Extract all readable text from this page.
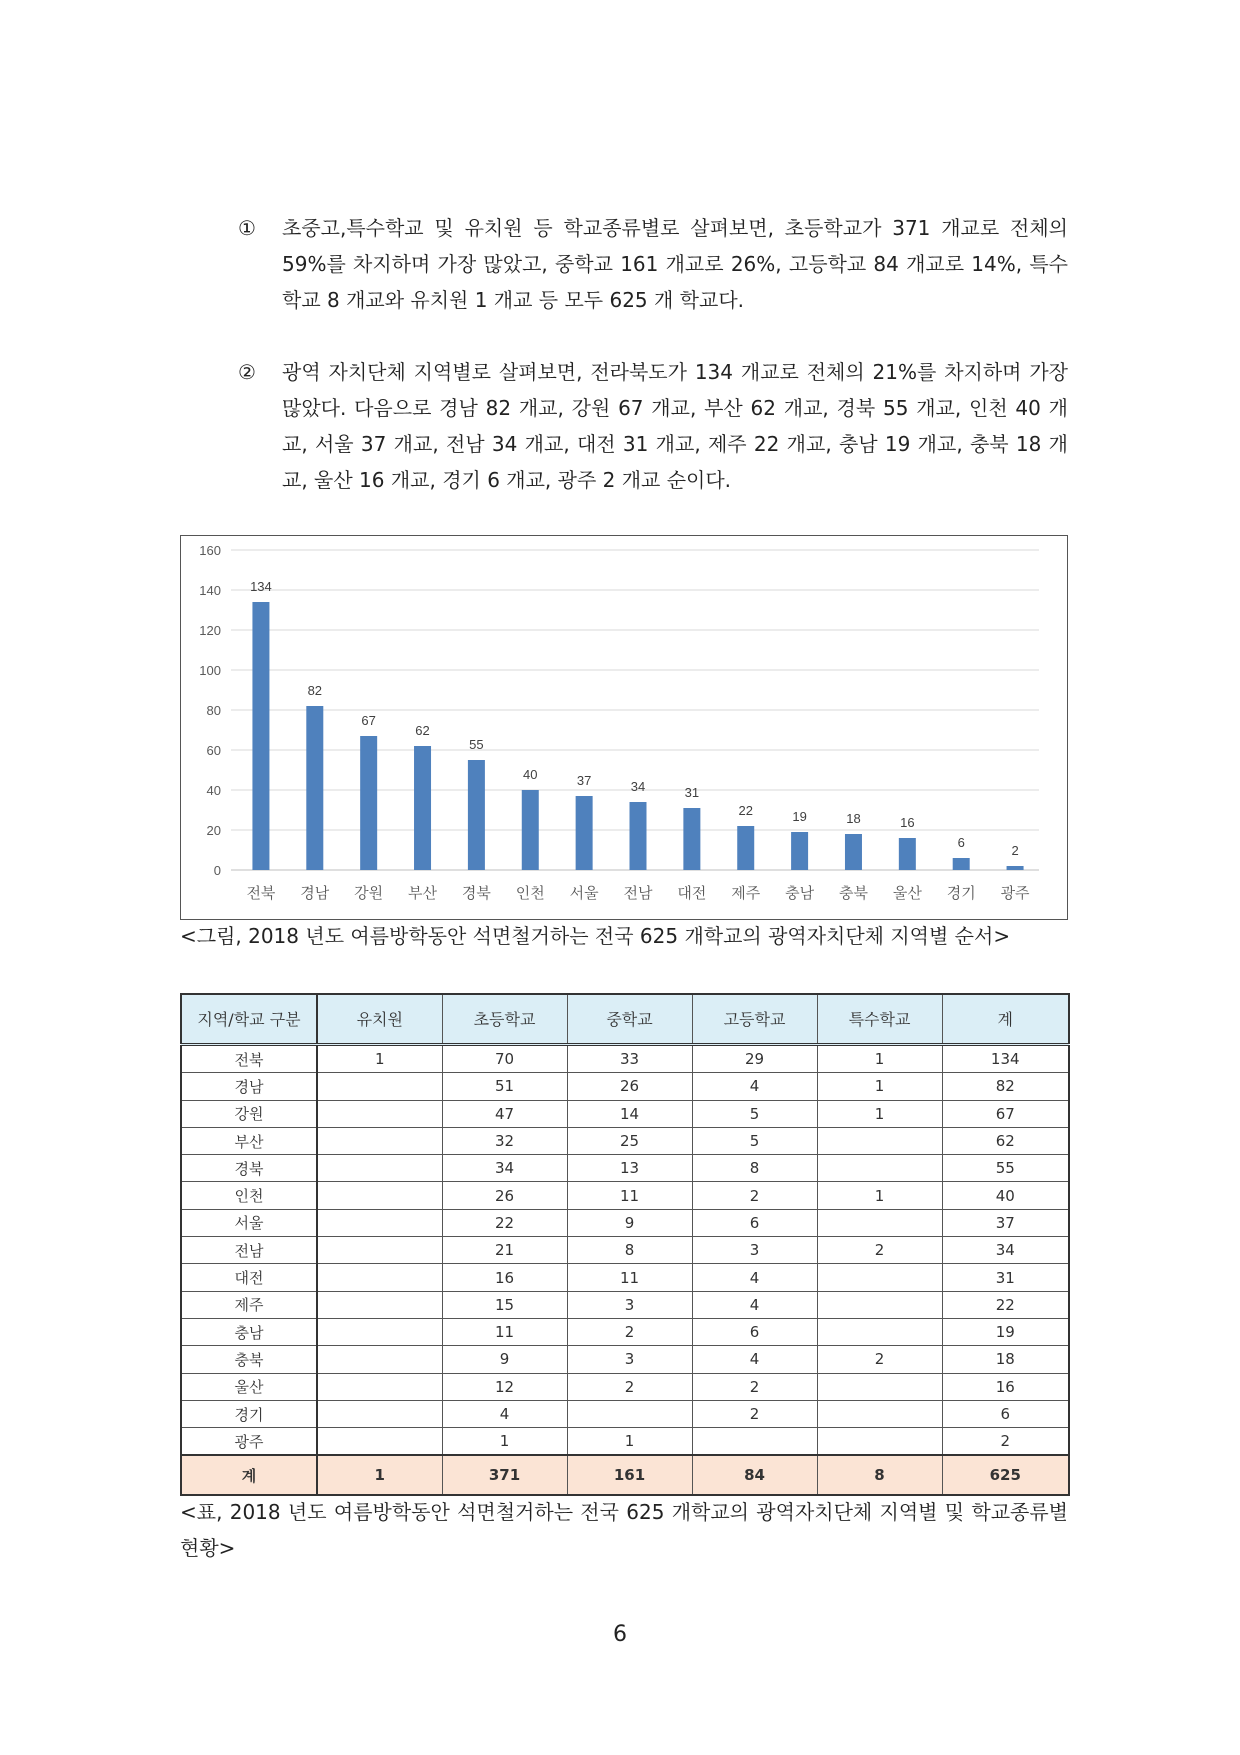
① 초중고,특수학교 및 유치원 등 학교종류별로 살펴보면, 초등학교가 371 개교로 전체의 59%를 차지하며 가장 많았고, 중학교 161 개교로 26%, 고등학교 84 개교로 14%, 특수학교 8 개교와 유치원 1 개교 등 모두 625 개 학교다.
② 광역 자치단체 지역별로 살펴보면, 전라북도가 134 개교로 전체의 21%를 차지하며 가장 많았다. 다음으로 경남 82 개교, 강원 67 개교, 부산 62 개교, 경북 55 개교, 인천 40 개교, 서울 37 개교, 전남 34 개교, 대전 31 개교, 제주 22 개교, 충남 19 개교, 충북 18 개교, 울산 16 개교, 경기 6 개교, 광주 2 개교 순이다.
0
20
40
60
80
100
120
140
160
134
전북
82
경남
67
강원
62
부산
55
경북
40
인천
37
서울
34
전남
31
대전
22
제주
19
충남
18
충북
16
울산
6
경기
2
광주
<그림, 2018 년도 여름방학동안 석면철거하는 전국 625 개학교의 광역자치단체 지역별 순서>
지역/학교 구분	유치원	초등학교	중학교	고등학교	특수학교	계
전북	1	70	33	29	1	134
경남		51	26	4	1	82
강원		47	14	5	1	67
부산		32	25	5		62
경북		34	13	8		55
인천		26	11	2	1	40
서울		22	9	6		37
전남		21	8	3	2	34
대전		16	11	4		31
제주		15	3	4		22
충남		11	2	6		19
충북		9	3	4	2	18
울산		12	2	2		16
경기		4		2		6
광주		1	1			2
계	1	371	161	84	8	625
<표, 2018 년도 여름방학동안 석면철거하는 전국 625 개학교의 광역자치단체 지역별 및 학교종류별 현황>
6
